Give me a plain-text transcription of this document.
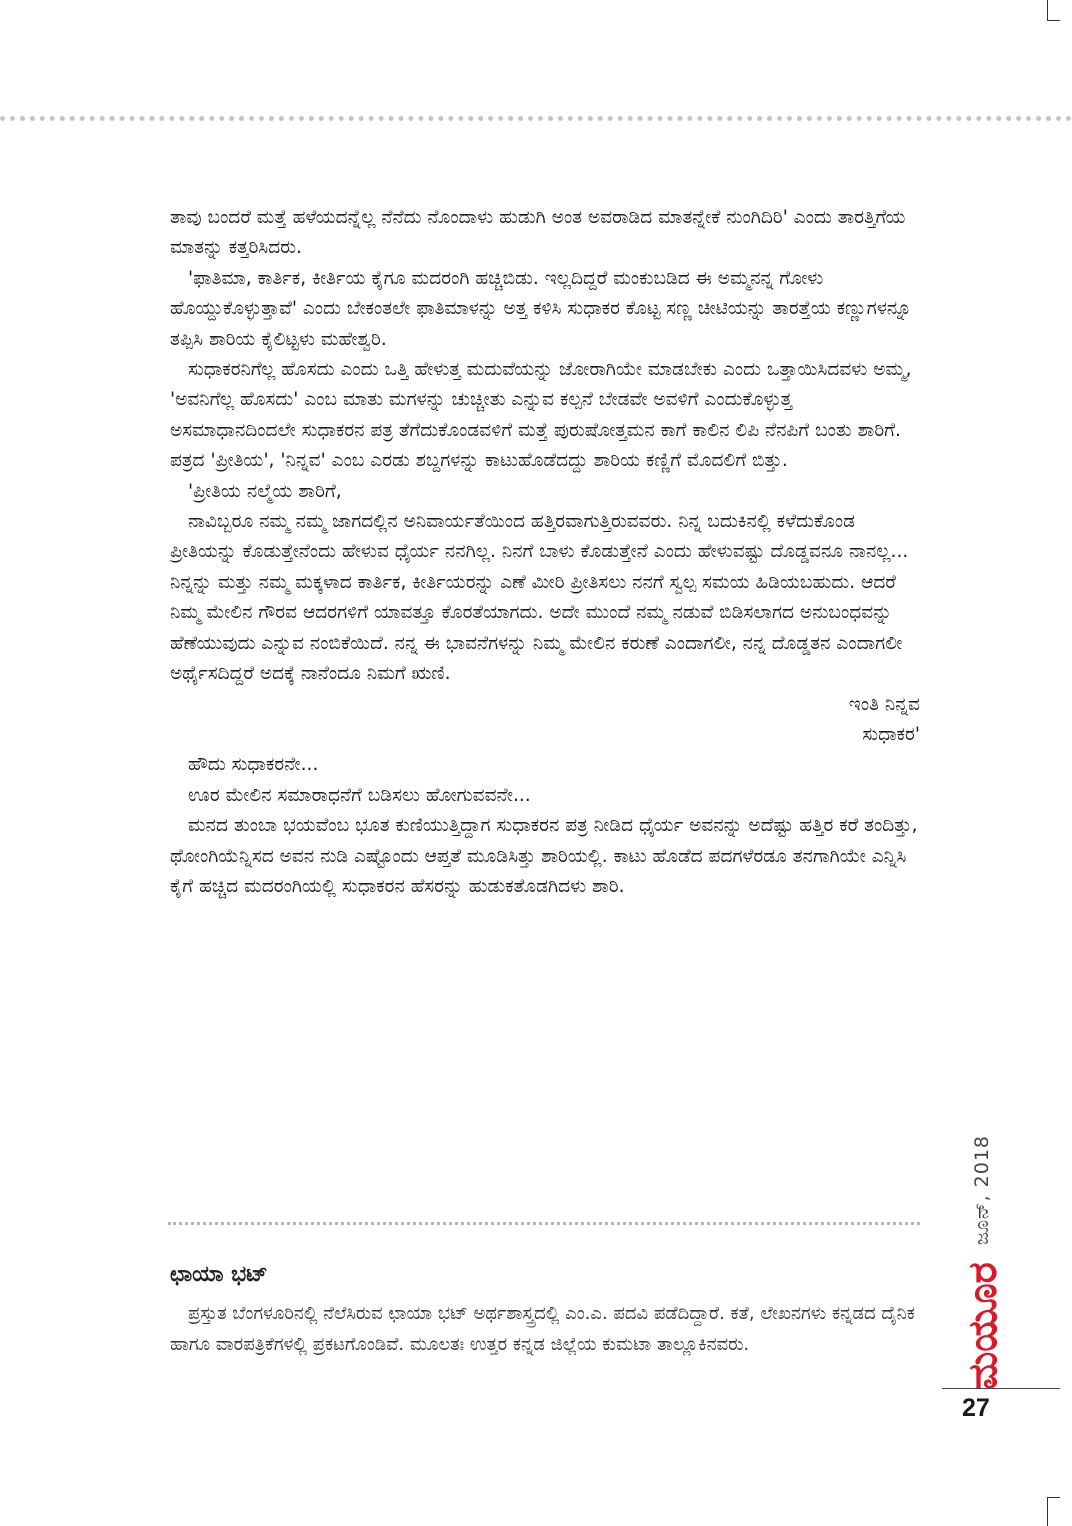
ತಾವು ಬಂದರೆ ಮತ್ತೆ ಹಳೆಯದನ್ನೆಲ್ಲ ನೆನೆದು ನೊಂದಾಳು ಹುಡುಗಿ ಅಂತ ಅವರಾಡಿದ ಮಾತನ್ನೇಕೆ ನುಂಗಿದಿರಿ' ಎಂದು ತಾರತ್ತಿಗೆಯ ಮಾತನ್ನು ಕತ್ತರಿಸಿದರು.

'ಫಾತಿಮಾ, ಕಾರ್ತಿಕ, ಕೀರ್ತಿಯ ಕೈಗೂ ಮದರಂಗಿ ಹಚ್ಚಿಬಿಡು. ಇಲ್ಲದಿದ್ದರೆ ಮಂಕುಬಡಿದ ಈ ಅಮ್ಮನನ್ನ ಗೋಳು ಹೊಯ್ದುಕೊಳ್ಳುತ್ತಾವೆ' ಎಂದು ಬೇಕಂತಲೇ ಫಾತಿಮಾಳನ್ನು ಅತ್ತ ಕಳಿಸಿ ಸುಧಾಕರ ಕೊಟ್ಟ ಸಣ್ಣ ಚೀಟಿಯನ್ನು ತಾರತ್ತೆಯ ಕಣ್ಣುಗಳನ್ನೂ ತಪ್ಪಿಸಿ ಶಾರಿಯ ಕೈಲಿಟ್ಟಳು ಮಹೇಶ್ವರಿ.

ಸುಧಾಕರನಿಗೆಲ್ಲ ಹೊಸದು ಎಂದು ಒತ್ತಿ ಹೇಳುತ್ತ ಮದುವೆಯನ್ನು ಜೋರಾಗಿಯೇ ಮಾಡಬೇಕು ಎಂದು ಒತ್ತಾಯಿಸಿದವಳು ಅಮ್ಮ, 'ಅವನಿಗೆಲ್ಲ ಹೊಸದು' ಎಂಬ ಮಾತು ಮಗಳನ್ನು ಚುಚ್ಚೀತು ಎನ್ನುವ ಕಲ್ಪನೆ ಬೇಡವೇ ಅವಳಿಗೆ ಎಂದುಕೊಳ್ಳುತ್ತ ಅಸಮಾಧಾನದಿಂದಲೇ ಸುಧಾಕರನ ಪತ್ರ ತೆಗೆದುಕೊಂಡವಳಿಗೆ ಮತ್ತೆ ಪುರುಷೋತ್ತಮನ ಕಾಗೆ ಕಾಲಿನ ಲಿಪಿ ನೆನಪಿಗೆ ಬಂತು ಶಾರಿಗೆ. ಪತ್ರದ 'ಪ್ರೀತಿಯ', 'ನಿನ್ನವ' ಎಂಬ ಎರಡು ಶಬ್ದಗಳನ್ನು ಕಾಟುಹೊಡೆದದ್ದು ಶಾರಿಯ ಕಣ್ಣಿಗೆ ಮೊದಲಿಗೆ ಬಿತ್ತು.

'ಪ್ರೀತಿಯ ನಲ್ಮೆಯ ಶಾರಿಗೆ,

ನಾವಿಬ್ಬರೂ ನಮ್ಮ ನಮ್ಮ ಜಾಗದಲ್ಲಿನ ಅನಿವಾರ್ಯತೆಯಿಂದ ಹತ್ತಿರವಾಗುತ್ತಿರುವವರು. ನಿನ್ನ ಬದುಕಿನಲ್ಲಿ ಕಳೆದುಕೊಂಡ ಪ್ರೀತಿಯನ್ನು ಕೊಡುತ್ತೇನೆಂದು ಹೇಳುವ ಧೈರ್ಯ ನನಗಿಲ್ಲ. ನಿನಗೆ ಬಾಳು ಕೊಡುತ್ತೇನೆ ಎಂದು ಹೇಳುವಷ್ಟು ದೊಡ್ಡವನೂ ನಾನಲ್ಲ... ನಿನ್ನನ್ನು ಮತ್ತು ನಮ್ಮ ಮಕ್ಕಳಾದ ಕಾರ್ತಿಕ, ಕೀರ್ತಿಯರನ್ನು ಎಣೆ ಮೀರಿ ಪ್ರೀತಿಸಲು ನನಗೆ ಸ್ವಲ್ಪ ಸಮಯ ಹಿಡಿಯಬಹುದು. ಆದರೆ ನಿಮ್ಮ ಮೇಲಿನ ಗೌರವ ಆದರಗಳಿಗೆ ಯಾವತ್ತೂ ಕೊರತೆಯಾಗದು. ಅದೇ ಮುಂದೆ ನಮ್ಮ ನಡುವೆ ಬಿಡಿಸಲಾಗದ ಅನುಬಂಧವನ್ನು ಹೆಣೆಯುವುದು ಎನ್ನುವ ನಂಬಿಕೆಯಿದೆ. ನನ್ನ ಈ ಭಾವನೆಗಳನ್ನು ನಿಮ್ಮ ಮೇಲಿನ ಕರುಣೆ ಎಂದಾಗಲೀ, ನನ್ನ ದೊಡ್ಡತನ ಎಂದಾಗಲೀ ಅರ್ಥೈಸದಿದ್ದರೆ ಅದಕ್ಕೆ ನಾನೆಂದೂ ನಿಮಗೆ ಋಣಿ.

ಇಂತಿ ನಿನ್ನವ

ಸುಧಾಕರ'

ಹೌದು ಸುಧಾಕರನೇ...

ಊರ ಮೇಲಿನ ಸಮಾರಾಧನೆಗೆ ಬಡಿಸಲು ಹೋಗುವವನೇ...

ಮನದ ತುಂಬಾ ಭಯವೆಂಬ ಭೂತ ಕುಣಿಯುತ್ತಿದ್ದಾಗ ಸುಧಾಕರನ ಪತ್ರ ನೀಡಿದ ಧೈರ್ಯ ಅವನನ್ನು ಅದೆಷ್ಟು ಹತ್ತಿರ ಕರೆ ತಂದಿತ್ತು, ಥೋಂಗಿಯೆನ್ನಿಸದ ಅವನ ನುಡಿ ಎಷ್ಟೊಂದು ಆಪ್ತತೆ ಮೂಡಿಸಿತ್ತು ಶಾರಿಯಲ್ಲಿ. ಕಾಟು ಹೊಡೆದ ಪದಗಳೆರಡೂ ತನಗಾಗಿಯೇ ಎನ್ನಿಸಿ ಕೈಗೆ ಹಚ್ಚಿದ ಮದರಂಗಿಯಲ್ಲಿ ಸುಧಾಕರನ ಹೆಸರನ್ನು ಹುಡುಕತೊಡಗಿದಳು ಶಾರಿ.

ಛಾಯಾ ಭಟ್

ಪ್ರಸ್ತುತ ಬೆಂಗಳೂರಿನಲ್ಲಿ ನೆಲೆಸಿರುವ ಛಾಯಾ ಭಟ್ ಅರ್ಥಶಾಸ್ತ್ರದಲ್ಲಿ ಎಂ.ಎ. ಪದವಿ ಪಡೆದಿದ್ದಾರೆ. ಕತೆ, ಲೇಖನಗಳು ಕನ್ನಡದ ದೈನಿಕ ಹಾಗೂ ವಾರಪತ್ರಿಕೆಗಳಲ್ಲಿ ಪ್ರಕಟಗೊಂಡಿವೆ. ಮೂಲತಃ ಉತ್ತರ ಕನ್ನಡ ಜಿಲ್ಲೆಯ ಕುಮಟಾ ತಾಲ್ಲೂಕಿನವರು.

ಜೂನ್, 2018
ಮಯೂರ
27
